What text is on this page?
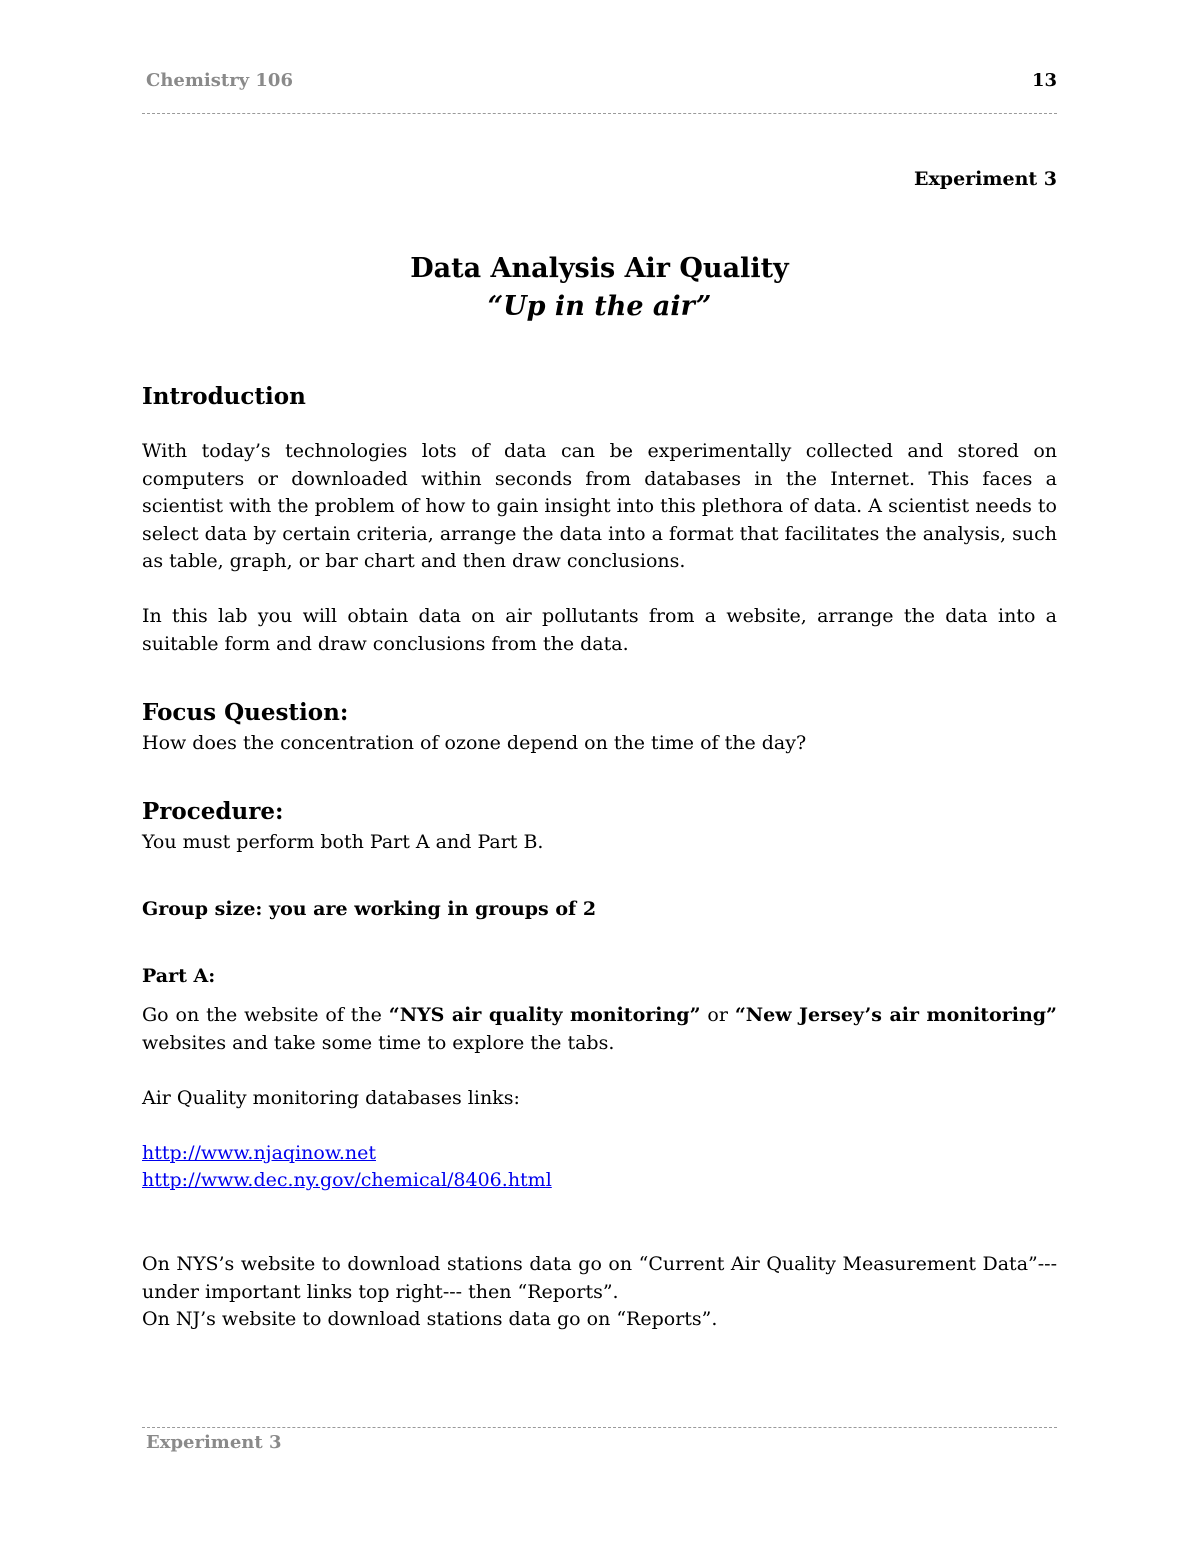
Chemistry 106	13
Experiment 3
Data Analysis Air Quality
“Up in the air”
Introduction
With today’s technologies lots of data can be experimentally collected and stored on computers or downloaded within seconds from databases in the Internet. This faces a scientist with the problem of how to gain insight into this plethora of data. A scientist needs to select data by certain criteria, arrange the data into a format that facilitates the analysis, such as table, graph, or bar chart and then draw conclusions.
In this lab you will obtain data on air pollutants from a website, arrange the data into a suitable form and draw conclusions from the data.
Focus Question:
How does the concentration of ozone depend on the time of the day?
Procedure:
You must perform both Part A and Part B.
Group size: you are working in groups of 2
Part A:
Go on the website of the “NYS air quality monitoring” or “New Jersey’s air monitoring” websites and take some time to explore the tabs.
Air Quality monitoring databases links:
http://www.njaqinow.net
http://www.dec.ny.gov/chemical/8406.html
On NYS’s website to download stations data go on “Current Air Quality Measurement Data”---under important links top right--- then “Reports”.
On NJ’s website to download stations data go on “Reports”.
Experiment 3
